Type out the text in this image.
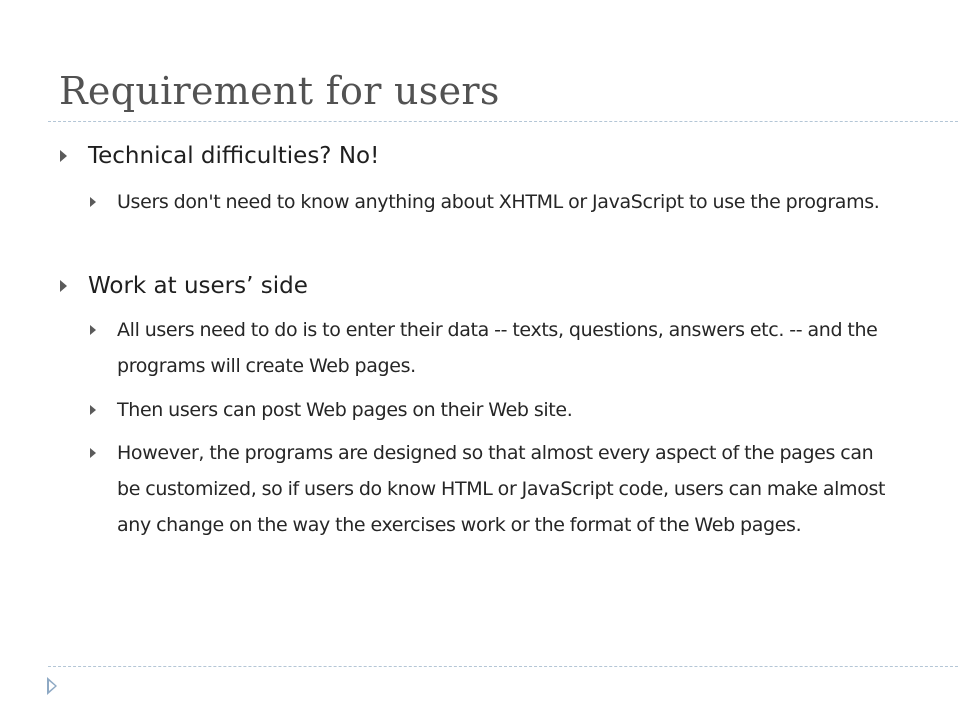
Requirement for users

Technical difficulties? No!

Users don't need to know anything about XHTML or JavaScript to use the programs.

Work at users’ side

All users need to do is to enter their data -- texts, questions, answers etc. -- and the programs will create Web pages.

Then users can post Web pages on their Web site.

However, the programs are designed so that almost every aspect of the pages can be customized, so if users do know HTML or JavaScript code, users can make almost any change on the way the exercises work or the format of the Web pages.
